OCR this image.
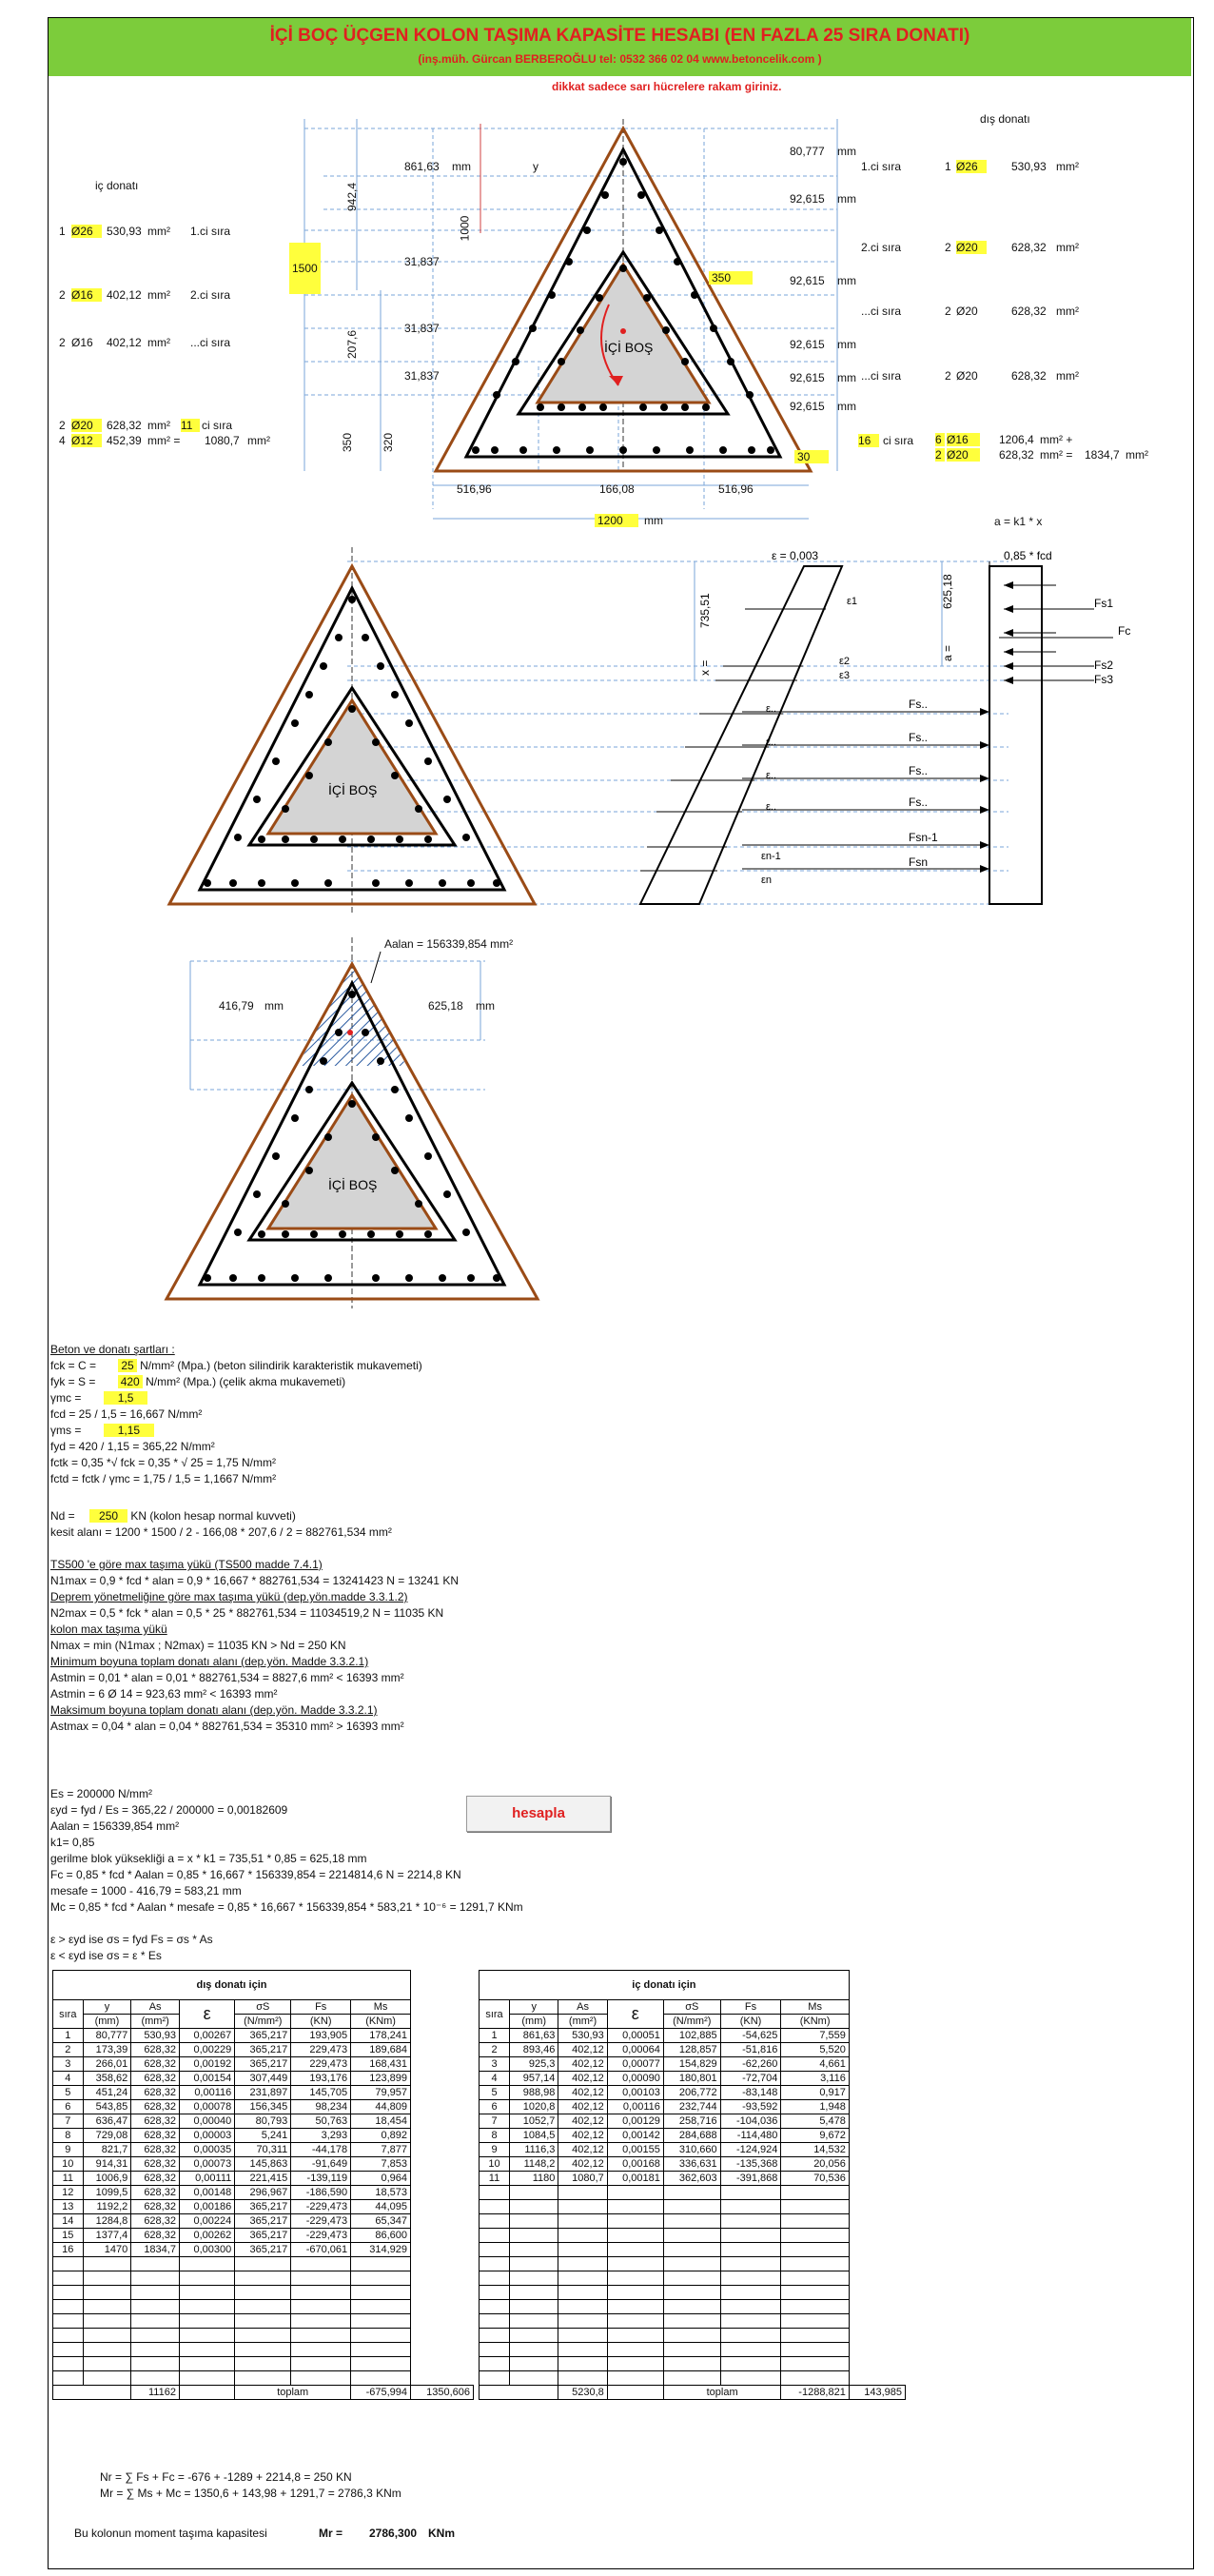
İÇİ BOÇ ÜÇGEN KOLON TAŞIMA KAPASİTE HESABI (EN FAZLA 25 SIRA DONATI)
(inş.müh. Gürcan BERBEROĞLU tel: 0532 366 02 04 www.betoncelik.com )
dikkat sadece sarı hücrelere rakam giriniz.
İÇİ BOŞ
iç donatı
dış donatı
1 Ø26	530,93 mm² 1.ci sıra
2 Ø16	402,12 mm² 2.ci sıra
2 Ø16	402,12 mm² ...ci sıra
2 Ø20	628,32 mm² 11 ci sıra
4 Ø12	452,39 mm² = 1080,7 mm²
80,777 mm
1.ci sıra	1 Ø26	530,93 mm²
92,615 mm
2.ci sıra	2 Ø20	628,32 mm²
92,615 mm
...ci sıra	2 Ø20	628,32 mm²
92,615 mm
...ci sıra	2 Ø20	628,32 mm²
92,615 mm
92,615 mm
16	ci sıra 6 Ø16	1206,4 mm² +
2 Ø20	628,32 mm² = 1834,7 mm²
1500
942,4
861,63 mm
1000
207,6
350 320
31,837
31,837
31,837
350
30
y
516,96	166,08	516,96
1200	mm	a = k1 * x
İÇİ BOŞ
ε = 0,003	0,85 * fcd
ε1
ε2
ε3
ε..
ε..
ε..
ε..
εn-1
εn
Fs1
Fc
Fs2
Fs3
Fs..
Fs..
Fs..
Fs..
Fsn-1
Fsn
735,51
x =
625,18
a =
İÇİ BOŞ
Aalan = 156339,854 mm²
416,79 mm	625,18 mm
Beton ve donatı şartları :
fck = C = 25 N/mm² (Mpa.) (beton silindirik karakteristik mukavemeti)
fyk = S = 420 N/mm² (Mpa.) (çelik akma mukavemeti)
γmc =	1,5
fcd = 25 / 1,5 = 16,667 N/mm²
γms =	1,15
fyd = 420 / 1,15 = 365,22 N/mm²
fctk = 0,35 *√ fck = 0,35 * √ 25 = 1,75 N/mm²
fctd = fctk / γmc = 1,75 / 1,5 = 1,1667 N/mm²
Nd = 250 KN (kolon hesap normal kuvveti)
kesit alanı = 1200 * 1500 / 2 - 166,08 * 207,6 / 2 = 882761,534 mm²
TS500 'e göre max taşıma yükü (TS500 madde 7.4.1)
N1max = 0,9 * fcd * alan = 0,9 * 16,667 * 882761,534 = 13241423 N = 13241 KN
Deprem yönetmeliğine göre max taşıma yükü (dep.yön.madde 3.3.1.2)
N2max = 0,5 * fck * alan = 0,5 * 25 * 882761,534 = 11034519,2 N = 11035 KN
kolon max taşıma yükü
Nmax = min (N1max ; N2max) = 11035 KN > Nd = 250 KN
Minimum boyuna toplam donatı alanı (dep.yön. Madde 3.3.2.1)
Astmin = 0,01 * alan = 0,01 * 882761,534 = 8827,6 mm² < 16393 mm²
Astmin = 6 Ø 14 = 923,63 mm² < 16393 mm²
Maksimum boyuna toplam donatı alanı (dep.yön. Madde 3.3.2.1)
Astmax = 0,04 * alan = 0,04 * 882761,534 = 35310 mm² > 16393 mm²
hesapla
Es = 200000 N/mm²
εyd = fyd / Es = 365,22 / 200000 = 0,00182609
Aalan = 156339,854 mm²
k1= 0,85
gerilme blok yüksekliği a = x * k1 = 735,51 * 0,85 = 625,18 mm
Fc = 0,85 * fcd * Aalan = 0,85 * 16,667 * 156339,854 = 2214814,6 N = 2214,8 KN
mesafe = 1000 - 416,79 = 583,21 mm
Mc = 0,85 * fcd * Aalan * mesafe = 0,85 * 16,667 * 156339,854 * 583,21 * 10⁻⁶ = 1291,7 KNm
ε > εyd ise σs = fyd Fs = σs * As
ε < εyd ise σs = ε * Es
dış donatı için							
sıra	y	As	ε	σS	Fs	Ms	
	(mm)	(mm²)		(N/mm²)	(KN)	(KNm)	
1	80,777	530,93	0,00267	365,217	193,905	178,241	
2	173,39	628,32	0,00229	365,217	229,473	189,684	
3	266,01	628,32	0,00192	365,217	229,473	168,431	
4	358,62	628,32	0,00154	307,449	193,176	123,899	
5	451,24	628,32	0,00116	231,897	145,705	79,957	
6	543,85	628,32	0,00078	156,345	98,234	44,809	
7	636,47	628,32	0,00040	80,793	50,763	18,454	
8	729,08	628,32	0,00003	5,241	3,293	0,892	
9	821,7	628,32	0,00035	70,311	-44,178	7,877	
10	914,31	628,32	0,00073	145,863	-91,649	7,853	
11	1006,9	628,32	0,00111	221,415	-139,119	0,964	
12	1099,5	628,32	0,00148	296,967	-186,590	18,573	
13	1192,2	628,32	0,00186	365,217	-229,473	44,095	
14	1284,8	628,32	0,00224	365,217	-229,473	65,347	
15	1377,4	628,32	0,00262	365,217	-229,473	86,600	
16	1470	1834,7	0,00300	365,217	-670,061	314,929	

		11162		toplam		-675,994	1350,606
iç donatı için							
sıra	y	As	ε	σS	Fs	Ms	
	(mm)	(mm²)		(N/mm²)	(KN)	(KNm)	
1	861,63	530,93	0,00051	102,885	-54,625	7,559	
2	893,46	402,12	0,00064	128,857	-51,816	5,520	
3	925,3	402,12	0,00077	154,829	-62,260	4,661	
4	957,14	402,12	0,00090	180,801	-72,704	3,116	
5	988,98	402,12	0,00103	206,772	-83,148	0,917	
6	1020,8	402,12	0,00116	232,744	-93,592	1,948	
7	1052,7	402,12	0,00129	258,716	-104,036	5,478	
8	1084,5	402,12	0,00142	284,688	-114,480	9,672	
9	1116,3	402,12	0,00155	310,660	-124,924	14,532	
10	1148,2	402,12	0,00168	336,631	-135,368	20,056	
11	1180	1080,7	0,00181	362,603	-391,868	70,536	

		5230,8		toplam		-1288,821	143,985
Nr = ∑ Fs + Fc = -676 + -1289 + 2214,8 = 250 KN
Mr = ∑ Ms + Mc = 1350,6 + 143,98 + 1291,7 = 2786,3 KNm
Bu kolonun moment taşıma kapasitesi	Mr = 2786,300 KNm
